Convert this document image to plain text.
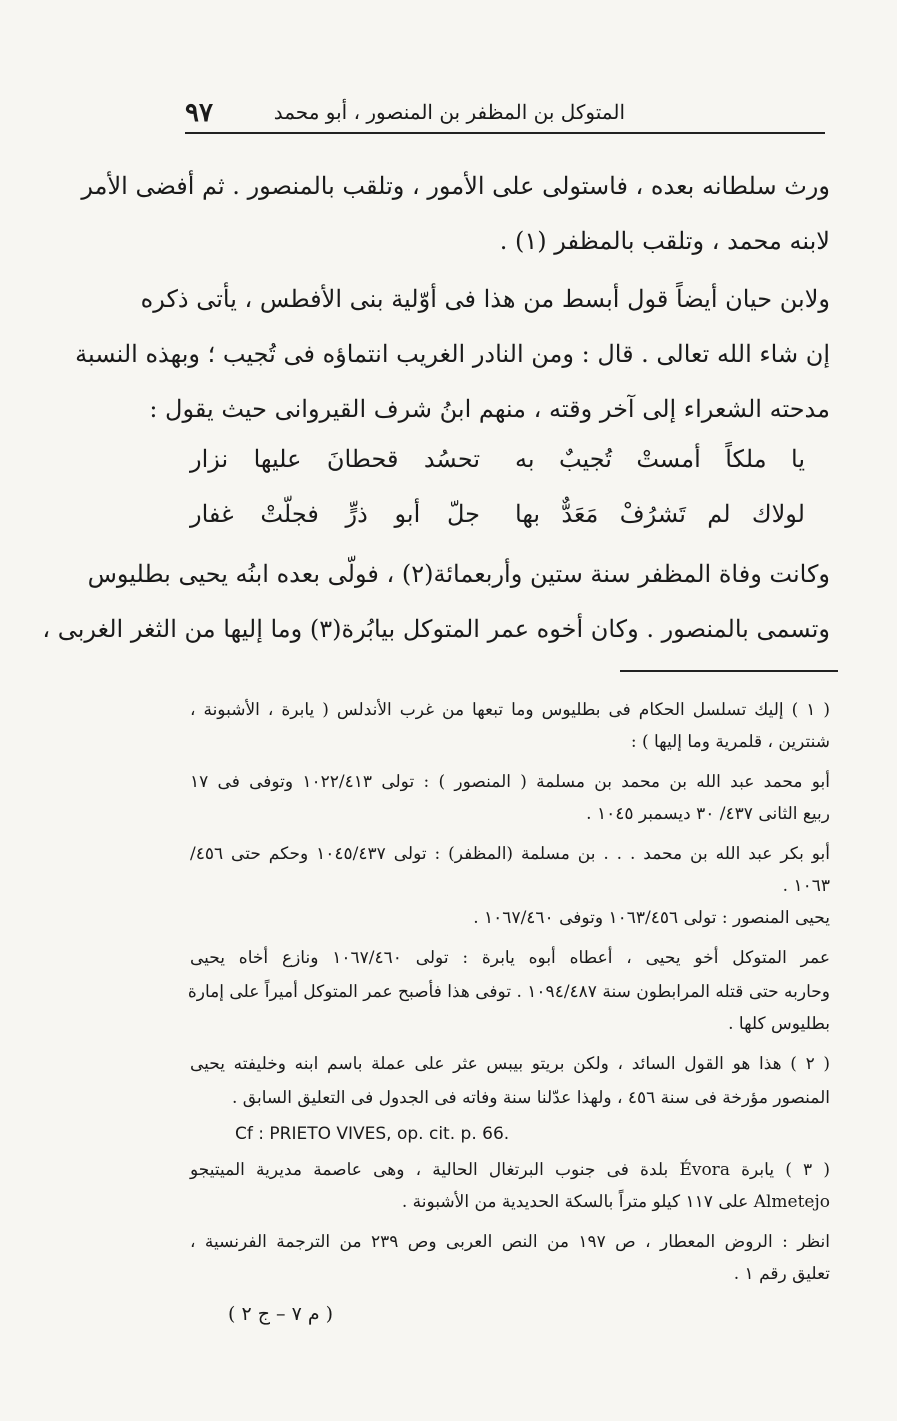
٩٧	المتوكل بن المظفر بن المنصور ، أبو محمد
ورث سلطانه بعده ، فاستولى على الأمور ، وتلقب بالمنصور . ثم أفضى الأمر
لابنه محمد ، وتلقب بالمظفر (١) .
ولابن حيان أيضاً قول أبسط من هذا فى أوّلية بنى الأفطس ، يأتى ذكره
إن شاء الله تعالى . قال : ومن النادر الغريب انتماؤه فى تُجيب ؛ وبهذه النسبة
مدحته الشعراء إلى آخر وقته ، منهم ابنُ شرف القيروانى حيث يقول :
يا ملكاً أمستْ تُجيبٌ به
تحسُد قحطانَ عليها نزار
لولاك لم تَشرُفْ مَعَدٌّ بها
جلّ أبو ذرٍّ فجلّتْ غفار
وكانت وفاة المظفر سنة ستين وأربعمائة(٢) ، فولّى بعده ابنُه يحيى بطليوس
وتسمى بالمنصور . وكان أخوه عمر المتوكل بيابُرة(٣) وما إليها من الثغر الغربى ،
( ١ ) إليك تسلسل الحكام فى بطليوس وما تبعها من غرب الأندلس ( يابرة ، الأشبونة ،
شنترين ، قلمرية وما إليها ) :
أبو محمد عبد الله بن محمد بن مسلمة ( المنصور ) : تولى ١٠٢٢/٤١٣ وتوفى فى ١٧
ربيع الثانى ٤٣٧/ ٣٠ ديسمبر ١٠٤٥ .
أبو بكر عبد الله بن محمد . . . بن مسلمة (المظفر) : تولى ١٠٤٥/٤٣٧ وحكم حتى ٤٥٦/
١٠٦٣ .
يحيى المنصور : تولى ١٠٦٣/٤٥٦ وتوفى ١٠٦٧/٤٦٠ .
عمر المتوكل أخو يحيى ، أعطاه أبوه يابرة : تولى ١٠٦٧/٤٦٠ ونازع أخاه يحيى
وحاربه حتى قتله المرابطون سنة ١٠٩٤/٤٨٧ . توفى هذا فأصبح عمر المتوكل أميراً على إمارة
بطليوس كلها .
( ٢ ) هذا هو القول السائد ، ولكن بريتو بيبس عثر على عملة باسم ابنه وخليفته يحيى
المنصور مؤرخة فى سنة ٤٥٦ ، ولهذا عدّلنا سنة وفاته فى الجدول فى التعليق السابق .
( ٣ ) يابرة Évora بلدة فى جنوب البرتغال الحالية ، وهى عاصمة مديرية الميتيجو
Almetejo على ١١٧ كيلو متراً بالسكة الحديدية من الأشبونة .
انظر : الروض المعطار ، ص ١٩٧ من النص العربى وص ٢٣٩ من الترجمة الفرنسية ،
تعليق رقم ١ .
Cf : PRIETO VIVES, op. cit. p. 66.
( م ٧ – ج ٢ )
